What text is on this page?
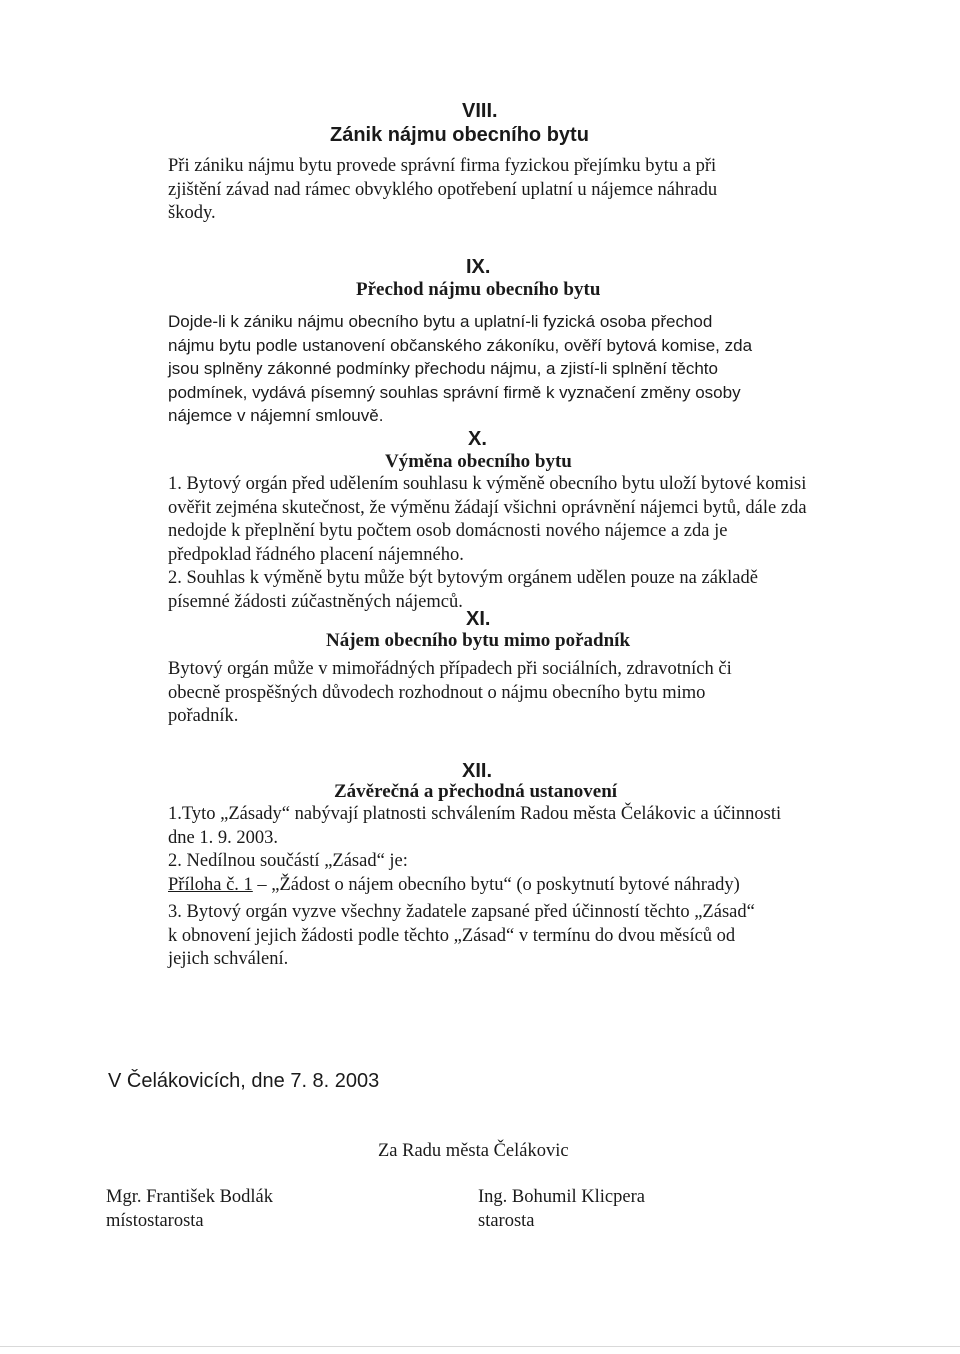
VIII.
Zánik nájmu obecního bytu
Při zániku nájmu bytu provede správní firma fyzickou přejímku bytu a při
zjištění závad nad rámec obvyklého opotřebení uplatní u nájemce náhradu
škody.
IX.
Přechod nájmu obecního bytu
Dojde-li k zániku nájmu obecního bytu a uplatní-li fyzická osoba přechod
nájmu bytu podle ustanovení občanského zákoníku, ověří bytová komise, zda
jsou splněny zákonné podmínky přechodu nájmu, a zjistí-li splnění těchto
podmínek, vydává písemný souhlas správní firmě k vyznačení změny osoby
nájemce v nájemní smlouvě.
X.
Výměna obecního bytu
1. Bytový orgán před udělením souhlasu k výměně obecního bytu uloží bytové komisi
ověřit zejména skutečnost, že výměnu žádají všichni oprávnění nájemci bytů, dále zda
nedojde k přeplnění bytu počtem osob domácnosti nového nájemce a zda je
předpoklad řádného placení nájemného.
2. Souhlas k výměně bytu může být bytovým orgánem udělen pouze na základě
písemné žádosti zúčastněných nájemců.
XI.
Nájem obecního bytu mimo pořadník
Bytový orgán může v mimořádných případech při sociálních, zdravotních či
obecně prospěšných důvodech rozhodnout o nájmu obecního bytu mimo
pořadník.
XII.
Závěrečná a přechodná ustanovení
1.Tyto „Zásady“ nabývají platnosti schválením Radou města Čelákovic a účinnosti
dne 1. 9. 2003.
2. Nedílnou součástí „Zásad“ je:
Příloha č. 1 – „Žádost o nájem obecního bytu“ (o poskytnutí bytové náhrady)
3. Bytový orgán vyzve všechny žadatele zapsané před účinností těchto „Zásad“
k obnovení jejich žádosti podle těchto „Zásad“ v termínu do dvou měsíců od
jejich schválení.
V Čelákovicích, dne 7. 8. 2003
Za Radu města Čelákovic
Mgr. František Bodlák
místostarosta
Ing. Bohumil Klicpera
starosta
